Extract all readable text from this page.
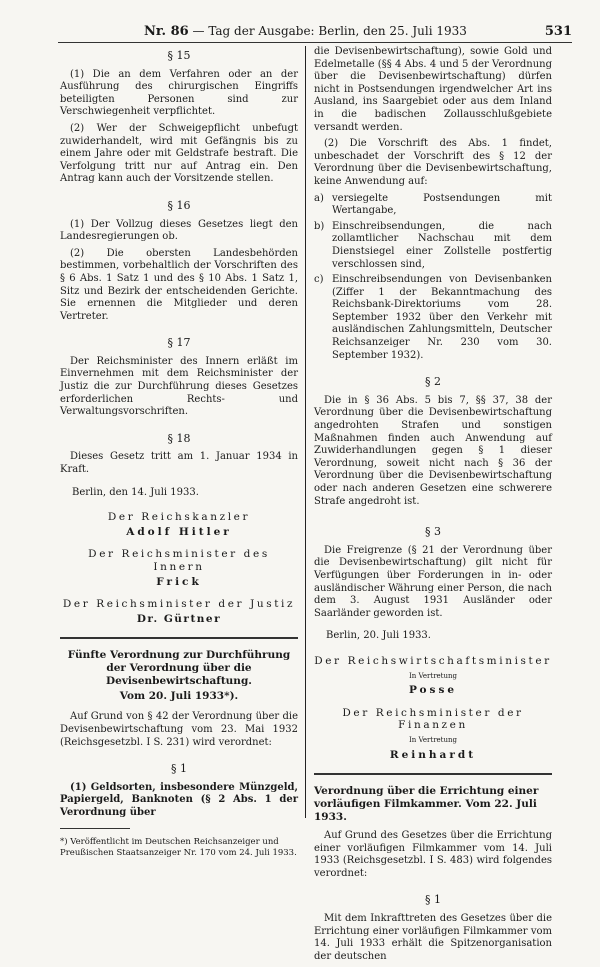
Nr. 86 — Tag der Ausgabe: Berlin, den 25. Juli 1933	531
§ 15

(1) Die an dem Verfahren oder an der Ausführung des chirurgischen Eingriffs beteiligten Personen sind zur Verschwiegenheit verpflichtet.

(2) Wer der Schweigepflicht unbefugt zuwiderhandelt, wird mit Gefängnis bis zu einem Jahre oder mit Geldstrafe bestraft. Die Verfolgung tritt nur auf Antrag ein. Den Antrag kann auch der Vorsitzende stellen.

§ 16

(1) Der Vollzug dieses Gesetzes liegt den Landesregierungen ob.

(2) Die obersten Landesbehörden bestimmen, vorbehaltlich der Vorschriften des § 6 Abs. 1 Satz 1 und des § 10 Abs. 1 Satz 1, Sitz und Bezirk der entscheidenden Gerichte. Sie ernennen die Mitglieder und deren Vertreter.

§ 17

Der Reichsminister des Innern erläßt im Einvernehmen mit dem Reichsminister der Justiz die zur Durchführung dieses Gesetzes erforderlichen Rechts- und Verwaltungsvorschriften.

§ 18

Dieses Gesetz tritt am 1. Januar 1934 in Kraft.

Berlin, den 14. Juli 1933.
Der Reichskanzler
Adolf Hitler
Der Reichsminister des Innern
Frick
Der Reichsminister der Justiz
Dr. Gürtner
Fünfte Verordnung zur Durchführung der Verordnung über die Devisenbewirtschaftung.
Vom 20. Juli 1933*).

Auf Grund von § 42 der Verordnung über die Devisenbewirtschaftung vom 23. Mai 1932 (Reichsgesetzbl. I S. 231) wird verordnet:

§ 1

(1) Geldsorten, insbesondere Münzgeld, Papiergeld, Banknoten (§ 2 Abs. 1 der Verordnung über

*) Veröffentlicht im Deutschen Reichsanzeiger und Preußischen Staatsanzeiger Nr. 170 vom 24. Juli 1933.

die Devisenbewirtschaftung), sowie Gold und Edelmetalle (§§ 4 Abs. 4 und 5 der Verordnung über die Devisenbewirtschaftung) dürfen nicht in Postsendungen irgendwelcher Art ins Ausland, ins Saargebiet oder aus dem Inland in die badischen Zollausschlußgebiete versandt werden.

(2) Die Vorschrift des Abs. 1 findet, unbeschadet der Vorschrift des § 12 der Verordnung über die Devisenbewirtschaftung, keine Anwendung auf:

a) versiegelte Postsendungen mit Wertangabe,
b) Einschreibsendungen, die nach zollamtlicher Nachschau mit dem Dienstsiegel einer Zollstelle postfertig verschlossen sind,
c) Einschreibsendungen von Devisenbanken (Ziffer 1 der Bekanntmachung des Reichsbank-Direktoriums vom 28. September 1932 über den Verkehr mit ausländischen Zahlungsmitteln, Deutscher Reichsanzeiger Nr. 230 vom 30. September 1932).
§ 2

Die in § 36 Abs. 5 bis 7, §§ 37, 38 der Verordnung über die Devisenbewirtschaftung angedrohten Strafen und sonstigen Maßnahmen finden auch Anwendung auf Zuwiderhandlungen gegen § 1 dieser Verordnung, soweit nicht nach § 36 der Verordnung über die Devisenbewirtschaftung oder nach anderen Gesetzen eine schwerere Strafe angedroht ist.

§ 3

Die Freigrenze (§ 21 der Verordnung über die Devisenbewirtschaftung) gilt nicht für Verfügungen über Forderungen in in- oder ausländischer Währung einer Person, die nach dem 3. August 1931 Ausländer oder Saarländer geworden ist.

Berlin, 20. Juli 1933.
Der Reichswirtschaftsminister
In Vertretung
Posse
Der Reichsminister der Finanzen
In Vertretung
Reinhardt
Verordnung über die Errichtung einer vorläufigen Filmkammer. Vom 22. Juli 1933.

Auf Grund des Gesetzes über die Errichtung einer vorläufigen Filmkammer vom 14. Juli 1933 (Reichsgesetzbl. I S. 483) wird folgendes verordnet:

§ 1

Mit dem Inkrafttreten des Gesetzes über die Errichtung einer vorläufigen Filmkammer vom 14. Juli 1933 erhält die Spitzenorganisation der deutschen
